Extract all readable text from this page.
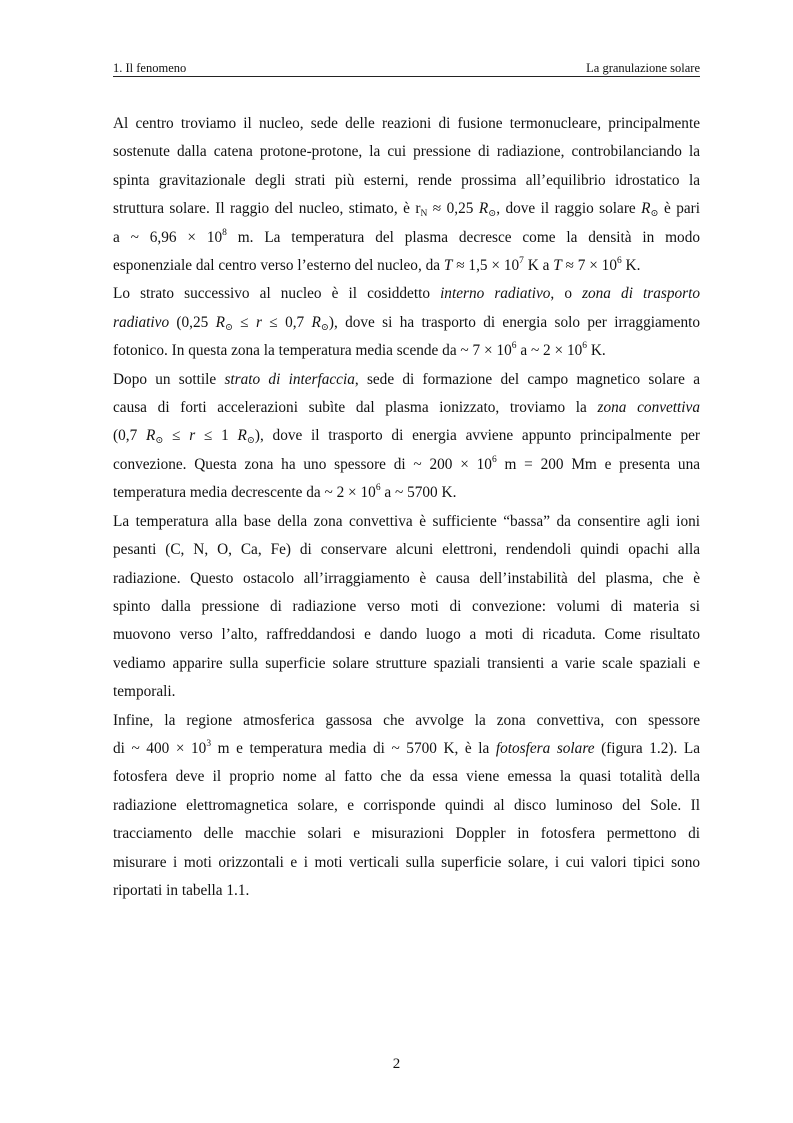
1. Il fenomeno	La granulazione solare

Al centro troviamo il nucleo, sede delle reazioni di fusione termonucleare, principalmente
sostenute dalla catena protone-protone, la cui pressione di radiazione, controbilanciando la
spinta gravitazionale degli strati più esterni, rende prossima all’equilibrio idrostatico la
struttura solare. Il raggio del nucleo, stimato, è $r_N \approx 0,25$ $R_⊙$, dove il raggio solare $R_⊙$ è pari
a ~ $6,96 \times 10^8$ m. La temperatura del plasma decresce come la densità in modo
esponenziale dal centro verso l’esterno del nucleo, da $T \approx 1,5 \times 10^7$ K a $T \approx 7 \times 10^6$ K.

Lo strato successivo al nucleo è il cosiddetto interno radiativo, o zona di trasporto
radiativo (0,25 $R_⊙ \le r \le 0,7$ $R_⊙$), dove si ha trasporto di energia solo per irraggiamento
fotonico. In questa zona la temperatura media scende da ~ $7 \times 10^6$ a ~ $2 \times 10^6$ K.

Dopo un sottile strato di interfaccia, sede di formazione del campo magnetico solare a
causa di forti accelerazioni subìte dal plasma ionizzato, troviamo la zona convettiva
(0,7 $R_⊙ \le r \le 1$ $R_⊙$), dove il trasporto di energia avviene appunto principalmente per
convezione. Questa zona ha uno spessore di ~ $200 \times 10^6$ m = 200 Mm e presenta una
temperatura media decrescente da ~ $2 \times 10^6$ a ~ 5700 K.

La temperatura alla base della zona convettiva è sufficiente “bassa” da consentire agli ioni
pesanti (C, N, O, Ca, Fe) di conservare alcuni elettroni, rendendoli quindi opachi alla
radiazione. Questo ostacolo all’irraggiamento è causa dell’instabilità del plasma, che è
spinto dalla pressione di radiazione verso moti di convezione: volumi di materia si
muovono verso l’alto, raffreddandosi e dando luogo a moti di ricaduta. Come risultato
vediamo apparire sulla superficie solare strutture spaziali transienti a varie scale spaziali e
temporali.

Infine, la regione atmosferica gassosa che avvolge la zona convettiva, con spessore
di ~ $400 \times 10^3$ m e temperatura media di ~ 5700 K, è la fotosfera solare (figura 1.2). La
fotosfera deve il proprio nome al fatto che da essa viene emessa la quasi totalità della
radiazione elettromagnetica solare, e corrisponde quindi al disco luminoso del Sole. Il
tracciamento delle macchie solari e misurazioni Doppler in fotosfera permettono di
misurare i moti orizzontali e i moti verticali sulla superficie solare, i cui valori tipici sono
riportati in tabella 1.1.

2
